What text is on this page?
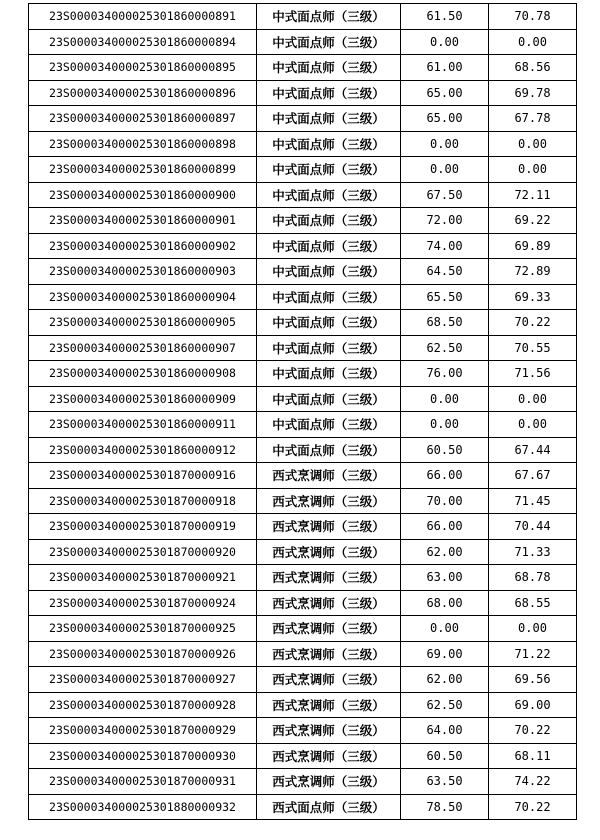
23S000034000025301860000891	中式面点师（三级）	61.50	70.78
23S000034000025301860000894	中式面点师（三级）	0.00	0.00
23S000034000025301860000895	中式面点师（三级）	61.00	68.56
23S000034000025301860000896	中式面点师（三级）	65.00	69.78
23S000034000025301860000897	中式面点师（三级）	65.00	67.78
23S000034000025301860000898	中式面点师（三级）	0.00	0.00
23S000034000025301860000899	中式面点师（三级）	0.00	0.00
23S000034000025301860000900	中式面点师（三级）	67.50	72.11
23S000034000025301860000901	中式面点师（三级）	72.00	69.22
23S000034000025301860000902	中式面点师（三级）	74.00	69.89
23S000034000025301860000903	中式面点师（三级）	64.50	72.89
23S000034000025301860000904	中式面点师（三级）	65.50	69.33
23S000034000025301860000905	中式面点师（三级）	68.50	70.22
23S000034000025301860000907	中式面点师（三级）	62.50	70.55
23S000034000025301860000908	中式面点师（三级）	76.00	71.56
23S000034000025301860000909	中式面点师（三级）	0.00	0.00
23S000034000025301860000911	中式面点师（三级）	0.00	0.00
23S000034000025301860000912	中式面点师（三级）	60.50	67.44
23S000034000025301870000916	西式烹调师（三级）	66.00	67.67
23S000034000025301870000918	西式烹调师（三级）	70.00	71.45
23S000034000025301870000919	西式烹调师（三级）	66.00	70.44
23S000034000025301870000920	西式烹调师（三级）	62.00	71.33
23S000034000025301870000921	西式烹调师（三级）	63.00	68.78
23S000034000025301870000924	西式烹调师（三级）	68.00	68.55
23S000034000025301870000925	西式烹调师（三级）	0.00	0.00
23S000034000025301870000926	西式烹调师（三级）	69.00	71.22
23S000034000025301870000927	西式烹调师（三级）	62.00	69.56
23S000034000025301870000928	西式烹调师（三级）	62.50	69.00
23S000034000025301870000929	西式烹调师（三级）	64.00	70.22
23S000034000025301870000930	西式烹调师（三级）	60.50	68.11
23S000034000025301870000931	西式烹调师（三级）	63.50	74.22
23S000034000025301880000932	西式面点师（三级）	78.50	70.22
